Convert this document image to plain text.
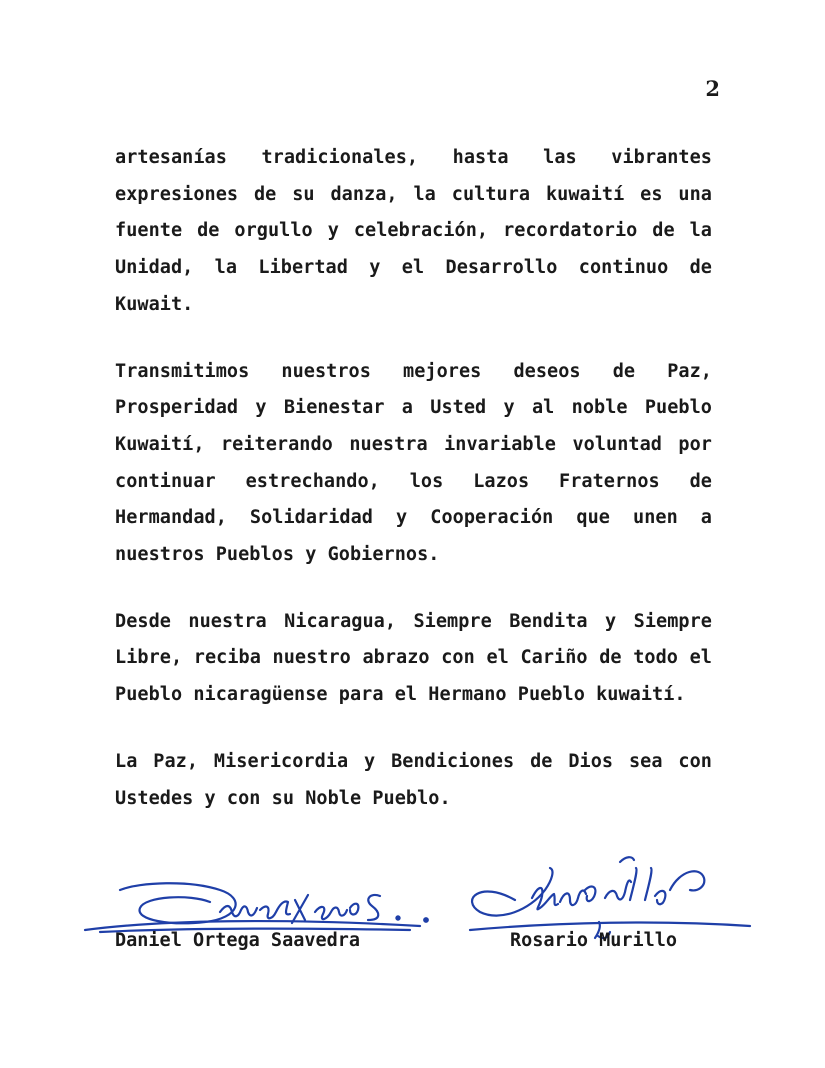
2

artesanías tradicionales, hasta las vibrantes expresiones de su danza, la cultura kuwaití es una fuente de orgullo y celebración, recordatorio de la Unidad, la Libertad y el Desarrollo continuo de Kuwait.

Transmitimos nuestros mejores deseos de Paz, Prosperidad y Bienestar a Usted y al noble Pueblo Kuwaití, reiterando nuestra invariable voluntad por continuar estrechando, los Lazos Fraternos de Hermandad, Solidaridad y Cooperación que unen a nuestros Pueblos y Gobiernos.

Desde nuestra Nicaragua, Siempre Bendita y Siempre Libre, reciba nuestro abrazo con el Cariño de todo el Pueblo nicaragüense para el Hermano Pueblo kuwaití.

La Paz, Misericordia y Bendiciones de Dios sea con Ustedes y con su Noble Pueblo.

Daniel Ortega Saavedra	Rosario Murillo
